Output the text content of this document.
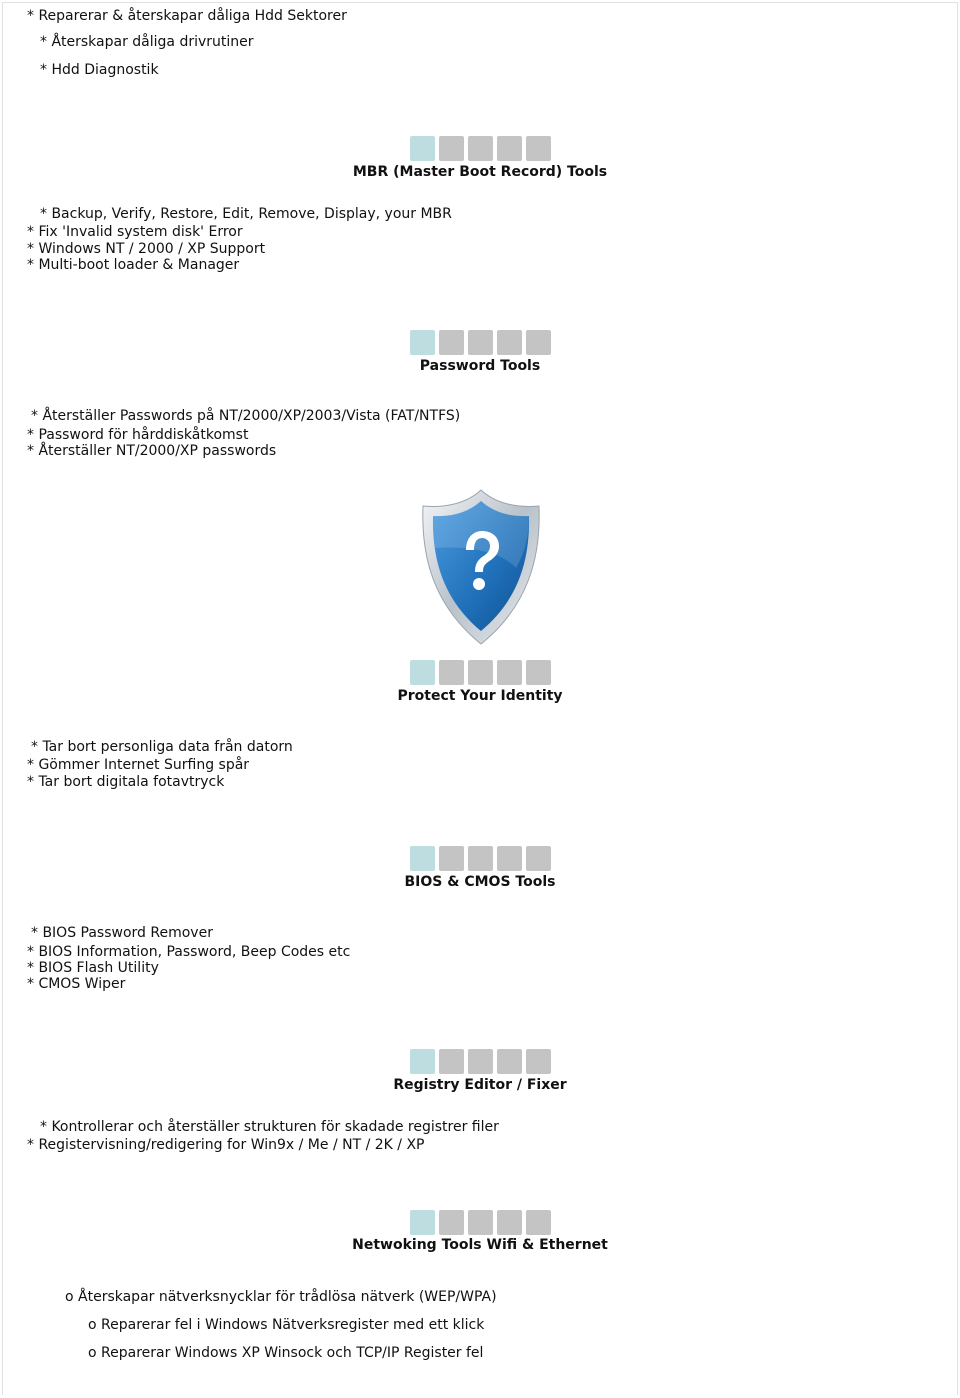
* Reparerar & återskapar dåliga Hdd Sektorer
* Återskapar dåliga drivrutiner
* Hdd Diagnostik
MBR (Master Boot Record) Tools
* Backup, Verify, Restore, Edit, Remove, Display, your MBR
* Fix 'Invalid system disk' Error
* Windows NT / 2000 / XP Support
* Multi-boot loader & Manager
Password Tools
* Återställer Passwords på NT/2000/XP/2003/Vista (FAT/NTFS)
* Password för hårddiskåtkomst
* Återställer NT/2000/XP passwords
Protect Your Identity
* Tar bort personliga data från datorn
* Gömmer Internet Surfing spår
* Tar bort digitala fotavtryck
BIOS & CMOS Tools
* BIOS Password Remover
* BIOS Information, Password, Beep Codes etc
* BIOS Flash Utility
* CMOS Wiper
Registry Editor / Fixer
* Kontrollerar och återställer strukturen för skadade registrer filer
* Registervisning/redigering for Win9x / Me / NT / 2K / XP
Netwoking Tools Wifi & Ethernet
o Återskapar nätverksnycklar för trådlösa nätverk (WEP/WPA)
o Reparerar fel i Windows Nätverksregister med ett klick
o Reparerar Windows XP Winsock och TCP/IP Register fel
